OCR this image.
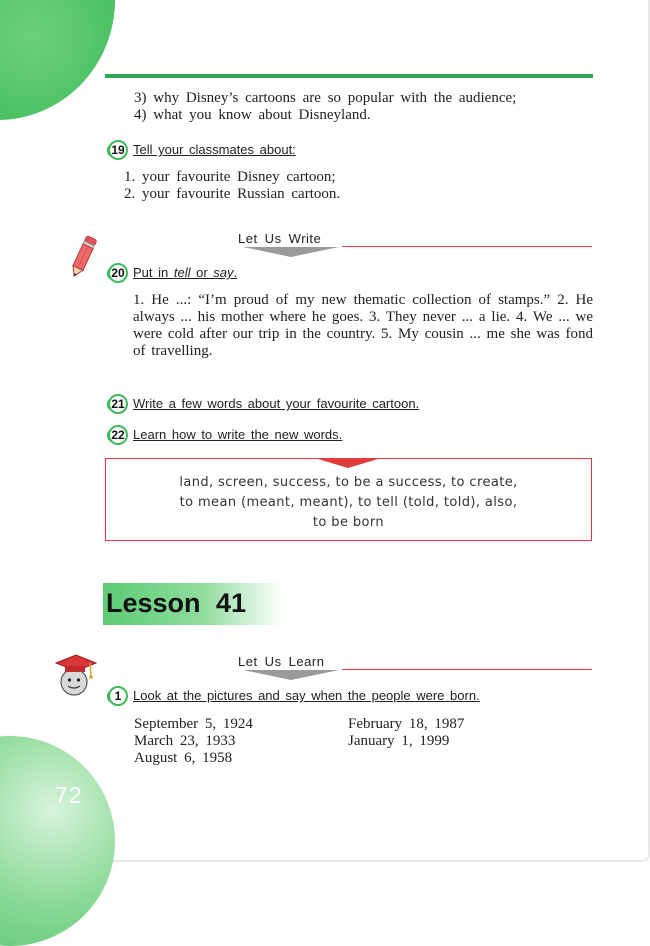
3) why Disney’s cartoons are so popular with the audience;
4) what you know about Disneyland.
19 Tell your classmates about:
1. your favourite Disney cartoon;
2. your favourite Russian cartoon.
Let Us Write
20 Put in tell or say.
1. He ...: “I’m proud of my new thematic collection of stamps.” 2. He always ... his mother where he goes. 3. They never ... a lie. 4. We ... we were cold after our trip in the country. 5. My cousin ... me she was fond of travelling.
21 Write a few words about your favourite cartoon.
22 Learn how to write the new words.
land, screen, success, to be a success, to create,
to mean (meant, meant), to tell (told, told), also,
to be born
Lesson 41
Let Us Learn
1 Look at the pictures and say when the people were born.
September 5, 1924
March 23, 1933
August 6, 1958
February 18, 1987
January 1, 1999
72
